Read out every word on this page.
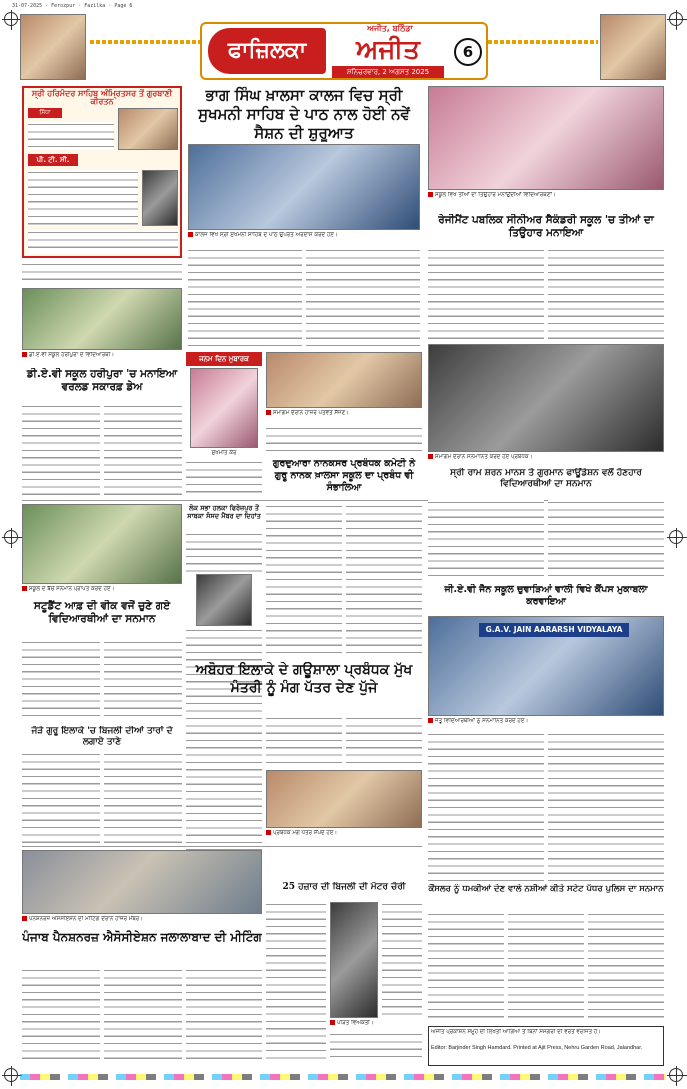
31-07-2025 · Ferozpur · Fazilka · Page 6
ਫਾਜ਼ਿਲਕਾ
ਅਜੀਤ, ਬਠਿੰਡਾ
ਅਜੀਤ
ਸ਼ਨਿਚਰਵਾਰ, 2 ਅਗਸਤ 2025
6
ਸ੍ਰੀ ਹਰਿਮੰਦਰ ਸਾਹਿਬ ਅੰਮ੍ਰਿਤਸਰ ਤੋਂ ਗੁਰਬਾਣੀ ਕੀਰਤਨ
ਸਿੱਧਾ
ਪੀ. ਟੀ. ਸੀ.
ਭਾਗ ਸਿੰਘ ਖ਼ਾਲਸਾ ਕਾਲਜ ਵਿਚ ਸ੍ਰੀ ਸੁਖਮਨੀ ਸਾਹਿਬ ਦੇ ਪਾਠ ਨਾਲ ਹੋਈ ਨਵੇਂ ਸੈਸ਼ਨ ਦੀ ਸ਼ੁਰੂਆਤ
ਕਾਲਜ ਵਿਖੇ ਸ੍ਰੀ ਸੁਖਮਨੀ ਸਾਹਿਬ ਦੇ ਪਾਠ ਉਪਰੰਤ ਅਰਦਾਸ ਕਰਦੇ ਹੋਏ।
ਸਕੂਲ ਵਿਖੇ ਤੀਆਂ ਦਾ ਤਿਉਹਾਰ ਮਨਾਉਂਦੀਆਂ ਵਿਦਿਆਰਥਣਾਂ।
ਰੇਜੀਮੈਂਟ ਪਬਲਿਕ ਸੀਨੀਅਰ ਸੈਕੰਡਰੀ ਸਕੂਲ 'ਚ ਤੀਆਂ ਦਾ ਤਿਉਹਾਰ ਮਨਾਇਆ
ਡੀ.ਏ.ਵੀ ਸਕੂਲ ਹਰੀਪੁਰਾ ਦੇ ਵਿਦਿਆਰਥੀ।
ਡੀ.ਏ.ਵੀ ਸਕੂਲ ਹਰੀਪੁਰਾ 'ਚ ਮਨਾਇਆ ਵਰਲਡ ਸਕਾਰਫ਼ ਡੇਅ
ਜਨਮ ਦਿਨ ਮੁਬਾਰਕ
ਸੁਖਮੀਤ ਕੌਰ
ਸਮਾਗਮ ਦੌਰਾਨ ਹਾਜ਼ਰ ਪਤਵੰਤੇ ਸੱਜਣ।
ਸਮਾਗਮ ਦੌਰਾਨ ਸਨਮਾਨਿਤ ਕਰਦੇ ਹੋਏ ਪ੍ਰਬੰਧਕ।
ਸ੍ਰੀ ਰਾਮ ਸ਼ਰਨ ਮਾਨਸ ਤੇ ਗੁਰਮਾਨ ਫਾਊਂਡੇਸ਼ਨ ਵਲੋਂ ਹੋਣਹਾਰ ਵਿਦਿਆਰਥੀਆਂ ਦਾ ਸਨਮਾਨ
ਗੁਰਦੁਆਰਾ ਨਾਨਕਸਰ ਪ੍ਰਬੰਧਕ ਕਮੇਟੀ ਨੇ ਗੁਰੂ ਨਾਨਕ ਖ਼ਾਲਸਾ ਸਕੂਲ ਦਾ ਪ੍ਰਬੰਧ ਵੀ ਸੰਭਾਲਿਆ
ਸਕੂਲ ਦੇ ਬੱਚੇ ਸਨਮਾਨ ਪ੍ਰਾਪਤ ਕਰਦੇ ਹੋਏ।
ਸਟੂਡੈਂਟ ਆਫ਼ ਦੀ ਵੀਕ ਵਜੋਂ ਚੁਣੇ ਗਏ ਵਿਦਿਆਰਥੀਆਂ ਦਾ ਸਨਮਾਨ
ਲੋਕ ਸਭਾ ਹਲਕਾ ਫਿਰੋਜ਼ਪੁਰ ਤੋਂ ਸਾਬਕਾ ਸੰਸਦ ਮੈਂਬਰ ਦਾ ਦਿਹਾਂਤ
ਜੀ.ਏ.ਵੀ ਜੈਨ ਸਕੂਲ ਚੁਵਾੜਿਆਂ ਵਾਲੀ ਵਿਖੇ ਕੈਂਪਸ ਮੁਕਾਬਲਾ ਕਰਵਾਇਆ
G.A.V. JAIN AARARSH VIDYALAYA
ਜੇਤੂ ਵਿਦਿਆਰਥੀਆਂ ਨੂੰ ਸਨਮਾਨਿਤ ਕਰਦੇ ਹੋਏ।
ਅਬੋਹਰ ਇਲਾਕੇ ਦੇ ਗਊਸ਼ਾਲਾ ਪ੍ਰਬੰਧਕ ਮੁੱਖ ਮੰਤਰੀ ਨੂੰ ਮੰਗ ਪੱਤਰ ਦੇਣ ਪੁੱਜੇ
ਪ੍ਰਬੰਧਕ ਮੰਗ ਪੱਤਰ ਸੌਂਪਦੇ ਹੋਏ।
ਜੋੜੇ ਗੁਰੂ ਇਲਾਕੇ 'ਚ ਬਿਜਲੀ ਦੀਆਂ ਤਾਰਾਂ ਦੇ ਲਗਾਏ ਤਾਣੇ
ਪੈਨਸ਼ਨਰਜ਼ ਐਸੋਸੀਏਸ਼ਨ ਦੀ ਮੀਟਿੰਗ ਦੌਰਾਨ ਹਾਜ਼ਰ ਮੈਂਬਰ।
ਪੰਜਾਬ ਪੈਨਸ਼ਨਰਜ਼ ਐਸੋਸੀਏਸ਼ਨ ਜਲਾਲਾਬਾਦ ਦੀ ਮੀਟਿੰਗ
25 ਹਜ਼ਾਰ ਦੀ ਬਿਜਲੀ ਦੀ ਮੋਟਰ ਚੋਰੀ
ਪੀੜਤ ਵਿਅਕਤੀ।
ਕੌਂਸਲਰ ਨੂੰ ਧਮਕੀਆਂ ਦੇਣ ਵਾਲੇ ਨਸ਼ੀਆਂ ਕੀਤੇ ਸਟੇਟ ਪੱਧਰ ਪੁਲਿਸ ਦਾ ਸਨਮਾਨ
ਅਜੀਤ ਪ੍ਰਕਾਸ਼ਨ ਸਮੂਹ ਦੀ ਲਿਖਤੀ ਆਗਿਆ ਤੋਂ ਬਿਨਾਂ ਸਮੱਗਰੀ ਦੀ ਵਰਤੋਂ ਵਰਜਿਤ ਹੈ।
Editor: Barjinder Singh Hamdard. Printed at Ajit Press, Nehru Garden Road, Jalandhar.
